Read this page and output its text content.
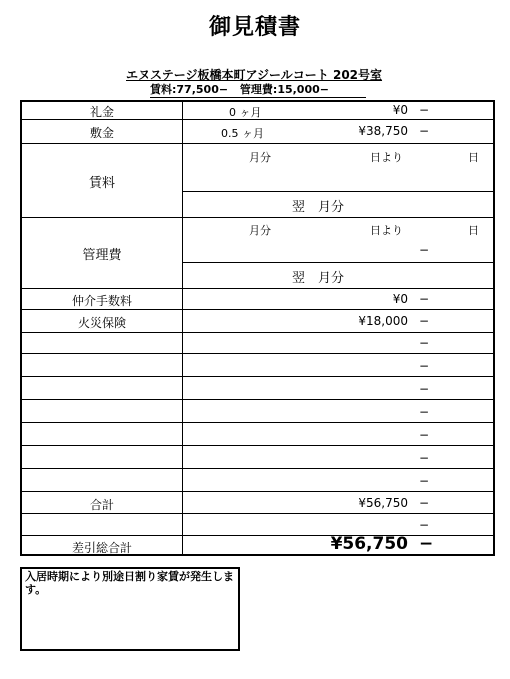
御見積書
エヌステージ板橋本町アジールコート 202号室
賃料:77,500− 管理費:15,000−
礼金	0 ヶ月	¥0 −
敷金	0.5 ヶ月	¥38,750 −
賃料
月分	日より	日
翌　月分
管理費
月分	日より	日
−
翌　月分
仲介手数料	¥0 −
火災保険	¥18,000 −
−
−
−
−
−
−
−
合計	¥56,750 −
−
差引総合計	¥56,750 −
入居時期により別途日割り家賃が発生します。
